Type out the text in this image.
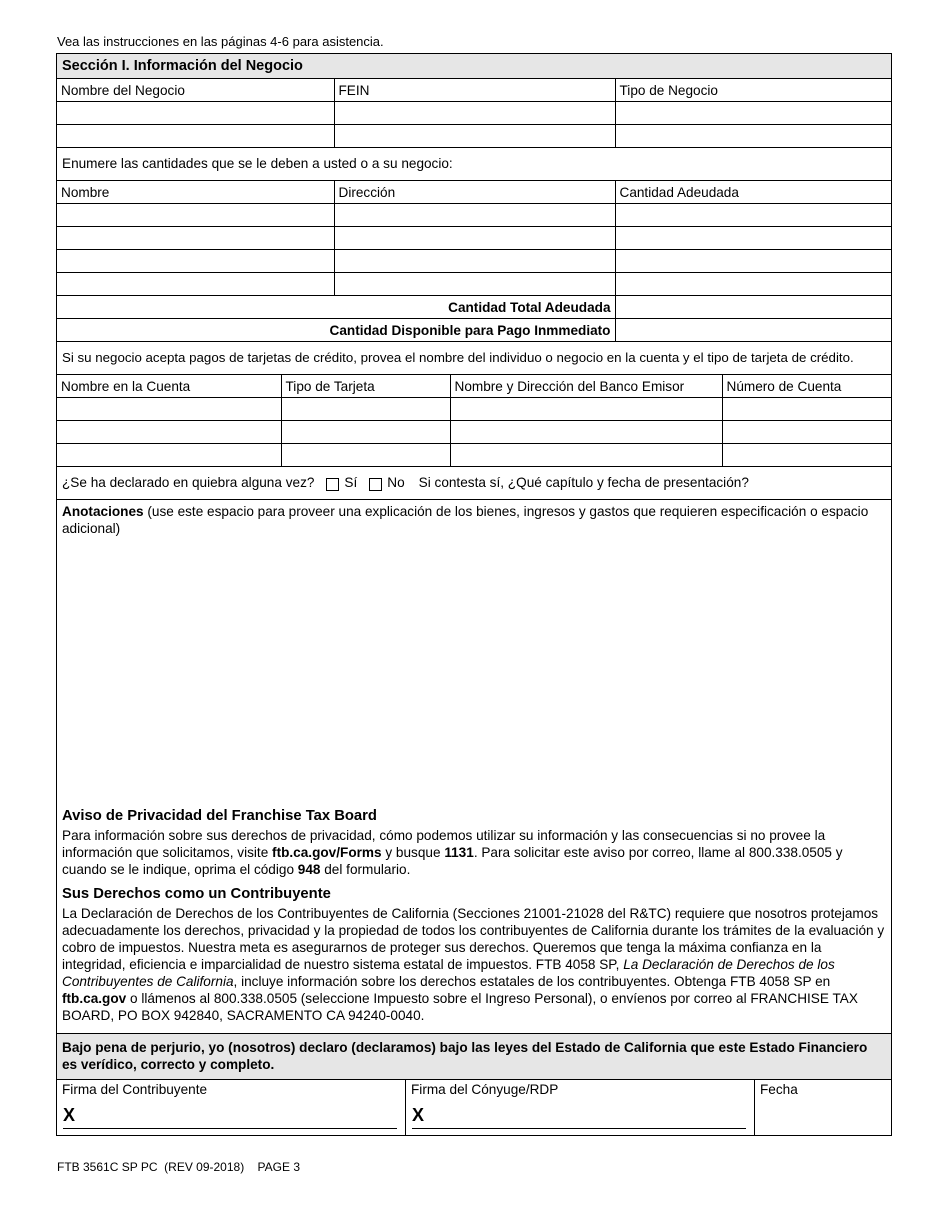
Vea las instrucciones en las páginas 4-6 para asistencia.
Sección I. Información del Negocio
Nombre del Negocio	FEIN	Tipo de Negocio

Enumere las cantidades que se le deben a usted o a su negocio:
Nombre	Dirección	Cantidad Adeudada

Cantidad Total Adeudada		
Cantidad Disponible para Pago Inmmediato		
Si su negocio acepta pagos de tarjetas de crédito, provea el nombre del individuo o negocio en la cuenta y el tipo de tarjeta de crédito.
Nombre en la Cuenta	Tipo de Tarjeta	Nombre y Dirección del Banco Emisor	Número de Cuenta

¿Se ha declarado en quiebra alguna vez? Sí No Si contesta sí, ¿Qué capítulo y fecha de presentación?
Anotaciones (use este espacio para proveer una explicación de los bienes, ingresos y gastos que requieren especificación o espacio adicional)
Aviso de Privacidad del Franchise Tax Board

Para información sobre sus derechos de privacidad, cómo podemos utilizar su información y las consecuencias si no provee la información que solicitamos, visite ftb.ca.gov/Forms y busque 1131. Para solicitar este aviso por correo, llame al 800.338.0505 y cuando se le indique, oprima el código 948 del formulario.

Sus Derechos como un Contribuyente

La Declaración de Derechos de los Contribuyentes de California (Secciones 21001-21028 del R&TC) requiere que nosotros protejamos adecuadamente los derechos, privacidad y la propiedad de todos los contribuyentes de California durante los trámites de la evaluación y cobro de impuestos. Nuestra meta es asegurarnos de proteger sus derechos. Queremos que tenga la máxima confianza en la integridad, eficiencia e imparcialidad de nuestro sistema estatal de impuestos. FTB 4058 SP, La Declaración de Derechos de los Contribuyentes de California, incluye información sobre los derechos estatales de los contribuyentes. Obtenga FTB 4058 SP en ftb.ca.gov o llámenos al 800.338.0505 (seleccione Impuesto sobre el Ingreso Personal), o envíenos por correo al FRANCHISE TAX BOARD, PO BOX 942840, SACRAMENTO CA 94240-0040.

Bajo pena de perjurio, yo (nosotros) declaro (declaramos) bajo las leyes del Estado de California que este Estado Financiero es verídico, correcto y completo.
Firma del Contribuyente
X
Firma del Cónyuge/RDP
X
Fecha
FTB 3561C SP PC  (REV 09-2018)    PAGE 3
